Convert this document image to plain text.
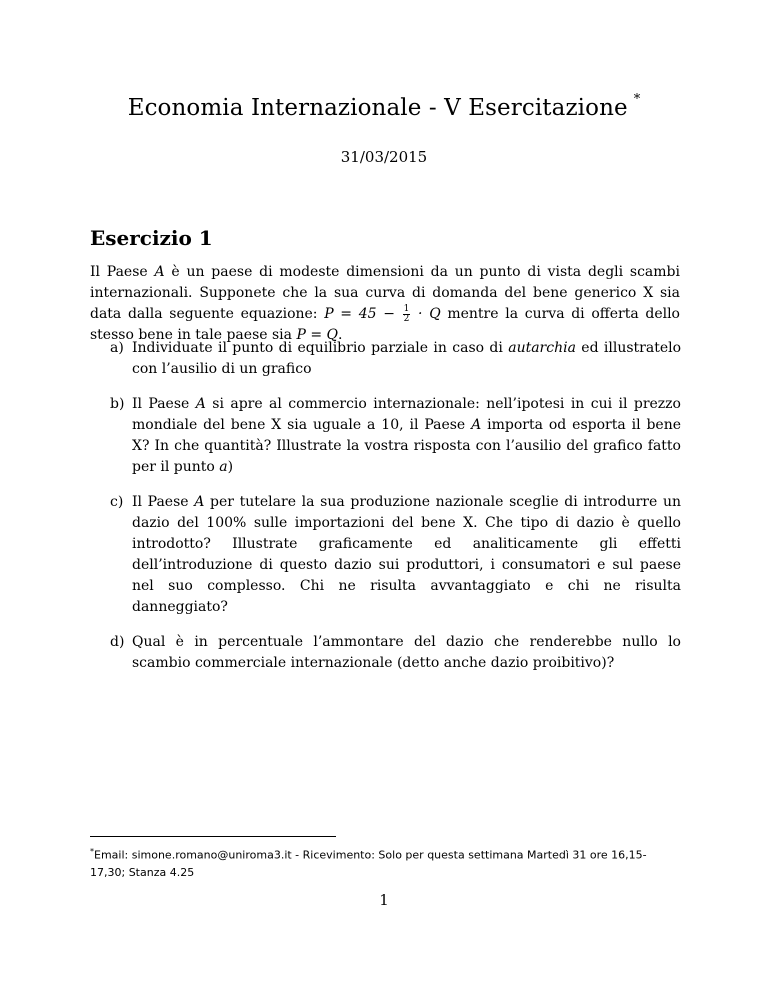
Economia Internazionale - V Esercitazione *
31/03/2015
Esercizio 1

Il Paese A è un paese di modeste dimensioni da un punto di vista degli scambi internazionali. Supponete che la sua curva di domanda del bene generico X sia data dalla seguente equazione: $P = 45 - \frac{1}{2} \cdot Q$ mentre la curva di offerta dello stesso bene in tale paese sia P = Q.

a) Individuate il punto di equilibrio parziale in caso di autarchia ed illustratelo con l’ausilio di un grafico
b) Il Paese A si apre al commercio internazionale: nell’ipotesi in cui il prezzo mondiale del bene X sia uguale a 10, il Paese A importa od esporta il bene X? In che quantità? Illustrate la vostra risposta con l’ausilio del grafico fatto per il punto a)
c) Il Paese A per tutelare la sua produzione nazionale sceglie di introdurre un dazio del 100% sulle importazioni del bene X. Che tipo di dazio è quello introdotto? Illustrate graficamente ed analiticamente gli effetti dell’introduzione di questo dazio sui produttori, i consumatori e sul paese nel suo complesso. Chi ne risulta avvantaggiato e chi ne risulta danneggiato?
d) Qual è in percentuale l’ammontare del dazio che renderebbe nullo lo scambio commerciale internazionale (detto anche dazio proibitivo)?
*Email: simone.romano@uniroma3.it - Ricevimento: Solo per questa settimana Martedì 31 ore 16,15-17,30; Stanza 4.25
1
